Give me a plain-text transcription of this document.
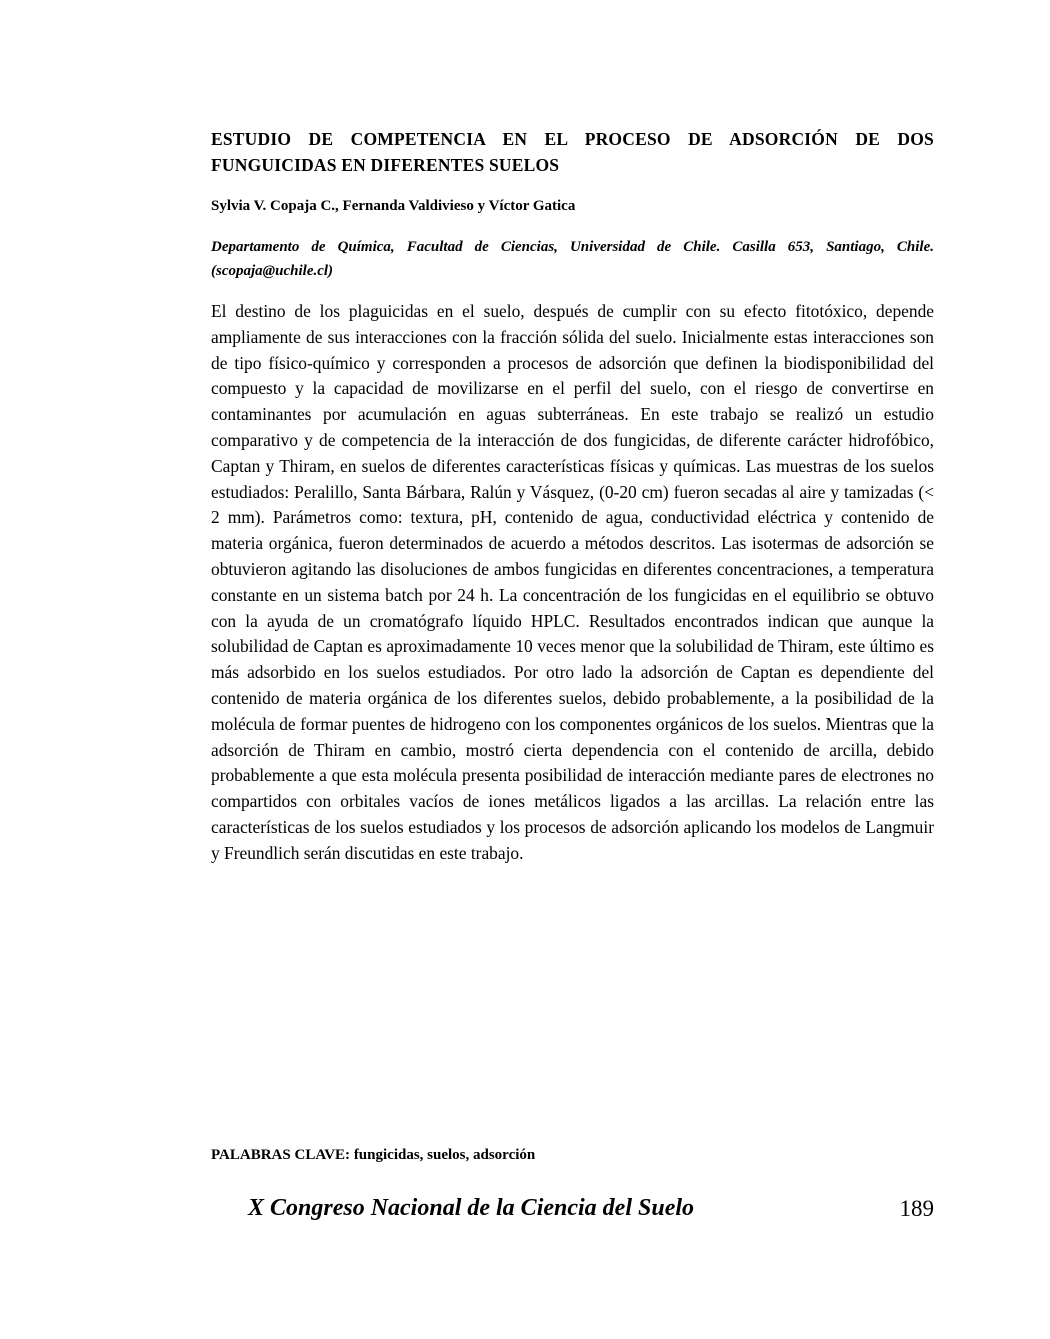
ESTUDIO DE COMPETENCIA EN EL PROCESO DE ADSORCIÓN DE DOS FUNGUICIDAS EN DIFERENTES SUELOS

Sylvia V. Copaja C., Fernanda Valdivieso y Víctor Gatica

Departamento de Química, Facultad de Ciencias, Universidad de Chile. Casilla 653, Santiago, Chile. (scopaja@uchile.cl)

El destino de los plaguicidas en el suelo, después de cumplir con su efecto fitotóxico, depende ampliamente de sus interacciones con la fracción sólida del suelo. Inicialmente estas interacciones son de tipo físico-químico y corresponden a procesos de adsorción que definen la biodisponibilidad del compuesto y la capacidad de movilizarse en el perfil del suelo, con el riesgo de convertirse en contaminantes por acumulación en aguas subterráneas. En este trabajo se realizó un estudio comparativo y de competencia de la interacción de dos fungicidas, de diferente carácter hidrofóbico, Captan y Thiram, en suelos de diferentes características físicas y químicas. Las muestras de los suelos estudiados: Peralillo, Santa Bárbara, Ralún y Vásquez, (0-20 cm) fueron secadas al aire y tamizadas (< 2 mm). Parámetros como: textura, pH, contenido de agua, conductividad eléctrica y contenido de materia orgánica, fueron determinados de acuerdo a métodos descritos. Las isotermas de adsorción se obtuvieron agitando las disoluciones de ambos fungicidas en diferentes concentraciones, a temperatura constante en un sistema batch por 24 h. La concentración de los fungicidas en el equilibrio se obtuvo con la ayuda de un cromatógrafo líquido HPLC. Resultados encontrados indican que aunque la solubilidad de Captan es aproximadamente 10 veces menor que la solubilidad de Thiram, este último es más adsorbido en los suelos estudiados. Por otro lado la adsorción de Captan es dependiente del contenido de materia orgánica de los diferentes suelos, debido probablemente, a la posibilidad de la molécula de formar puentes de hidrogeno con los componentes orgánicos de los suelos. Mientras que la adsorción de Thiram en cambio, mostró cierta dependencia con el contenido de arcilla, debido probablemente a que esta molécula presenta posibilidad de interacción mediante pares de electrones no compartidos con orbitales vacíos de iones metálicos ligados a las arcillas. La relación entre las características de los suelos estudiados y los procesos de adsorción aplicando los modelos de Langmuir y Freundlich serán discutidas en este trabajo.

PALABRAS CLAVE: fungicidas, suelos, adsorción

X Congreso Nacional de la Ciencia del Suelo	189
